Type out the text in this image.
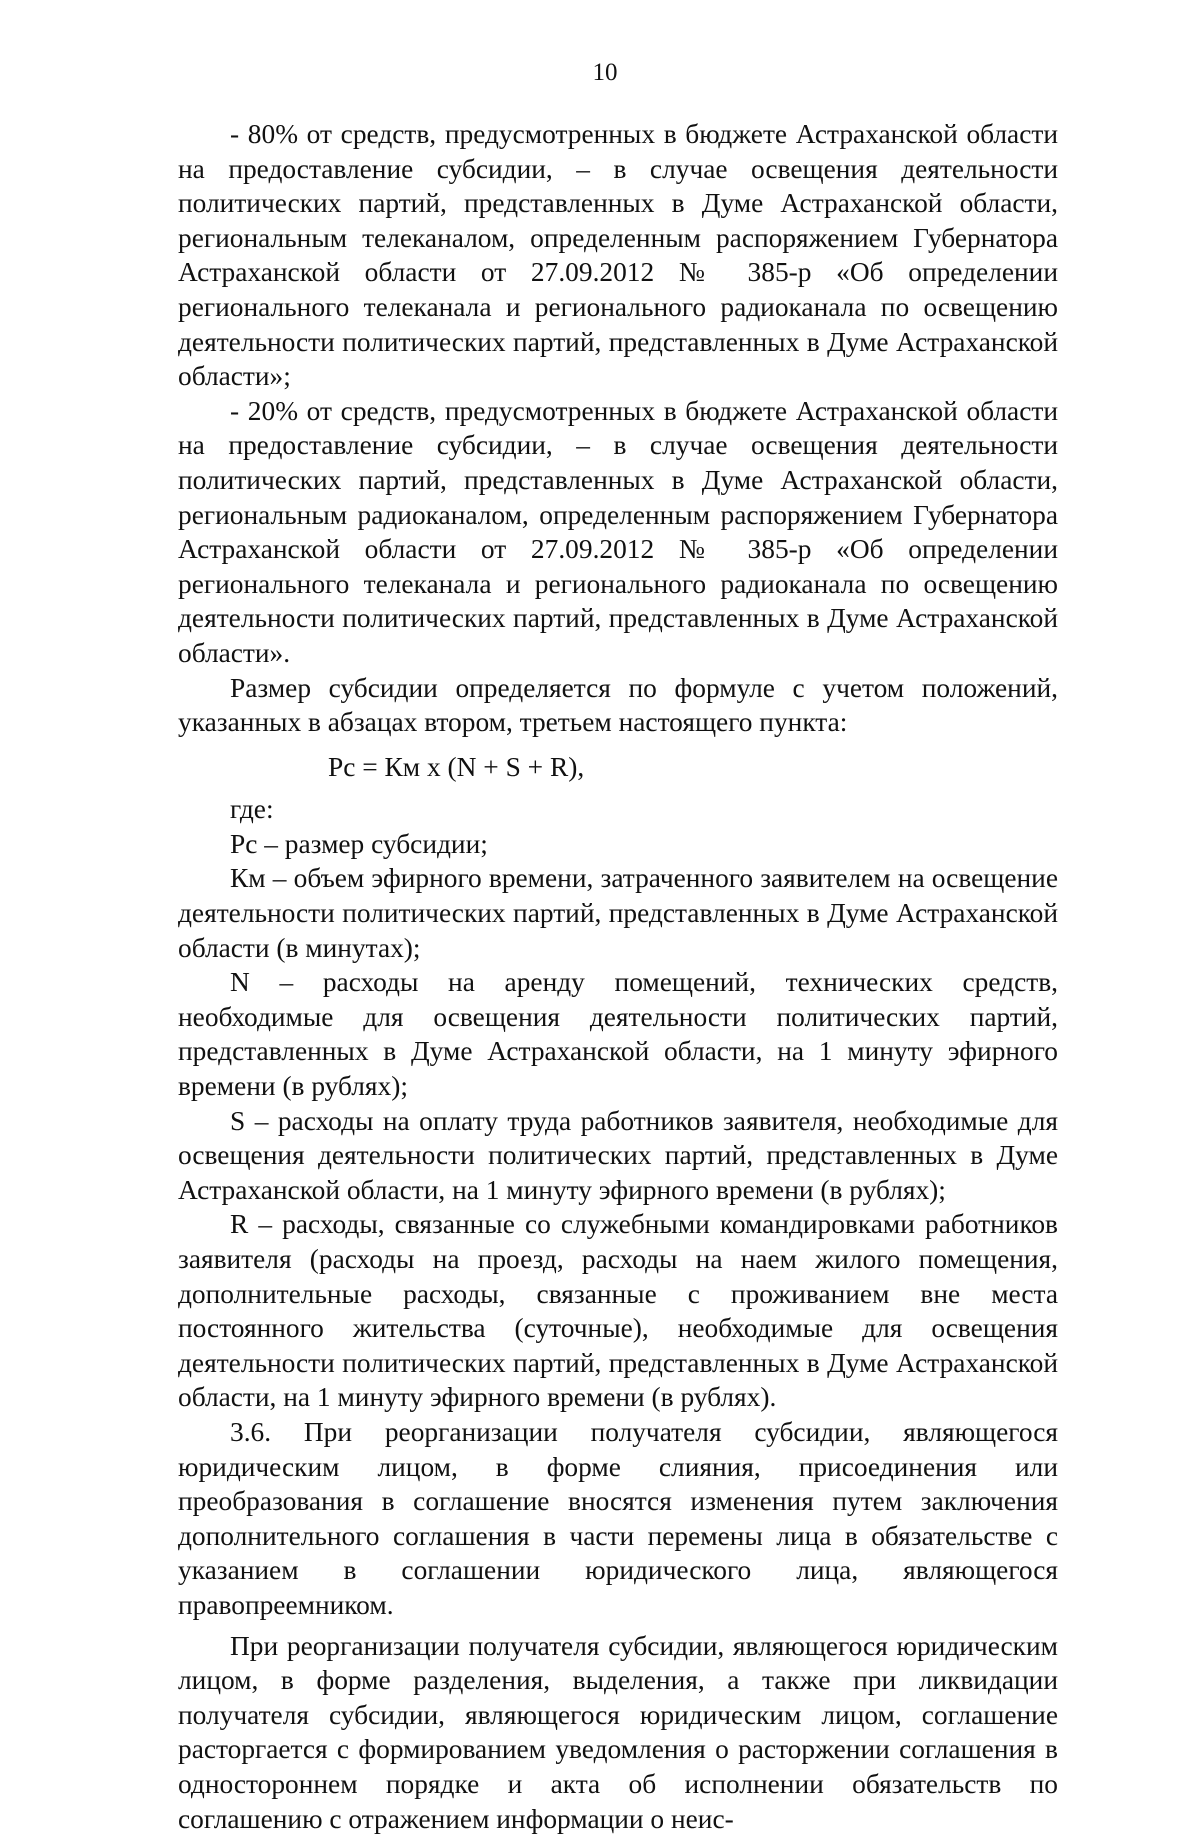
10

- 80% от средств, предусмотренных в бюджете Астраханской области на предоставление субсидии, – в случае освещения деятельности политических партий, представленных в Думе Астраханской области, региональным телеканалом, определенным распоряжением Губернатора Астраханской области от 27.09.2012 № 385-р «Об определении регионального телеканала и регионального радиоканала по освещению деятельности политических партий, представленных в Думе Астраханской области»;

- 20% от средств, предусмотренных в бюджете Астраханской области на предоставление субсидии, – в случае освещения деятельности политических партий, представленных в Думе Астраханской области, региональным радиоканалом, определенным распоряжением Губернатора Астраханской области от 27.09.2012 № 385-р «Об определении регионального телеканала и регионального радиоканала по освещению деятельности политических партий, представленных в Думе Астраханской области».

Размер субсидии определяется по формуле с учетом положений, указанных в абзацах втором, третьем настоящего пункта:

Рс = Км x (N + S + R),

где:

Рс – размер субсидии;

Км – объем эфирного времени, затраченного заявителем на освещение деятельности политических партий, представленных в Думе Астраханской области (в минутах);

N – расходы на аренду помещений, технических средств, необходимые для освещения деятельности политических партий, представленных в Думе Астраханской области, на 1 минуту эфирного времени (в рублях);

S – расходы на оплату труда работников заявителя, необходимые для освещения деятельности политических партий, представленных в Думе Астраханской области, на 1 минуту эфирного времени (в рублях);

R – расходы, связанные со служебными командировками работников заявителя (расходы на проезд, расходы на наем жилого помещения, дополнительные расходы, связанные с проживанием вне места постоянного жительства (суточные), необходимые для освещения деятельности политических партий, представленных в Думе Астраханской области, на 1 минуту эфирного времени (в рублях).

3.6. При реорганизации получателя субсидии, являющегося юридическим лицом, в форме слияния, присоединения или преобразования в соглашение вносятся изменения путем заключения дополнительного соглашения в части перемены лица в обязательстве с указанием в соглашении юридического лица, являющегося правопреемником.

При реорганизации получателя субсидии, являющегося юридическим лицом, в форме разделения, выделения, а также при ликвидации получателя субсидии, являющегося юридическим лицом, соглашение расторгается с формированием уведомления о расторжении соглашения в одностороннем порядке и акта об исполнении обязательств по соглашению с отражением информации о неис-
